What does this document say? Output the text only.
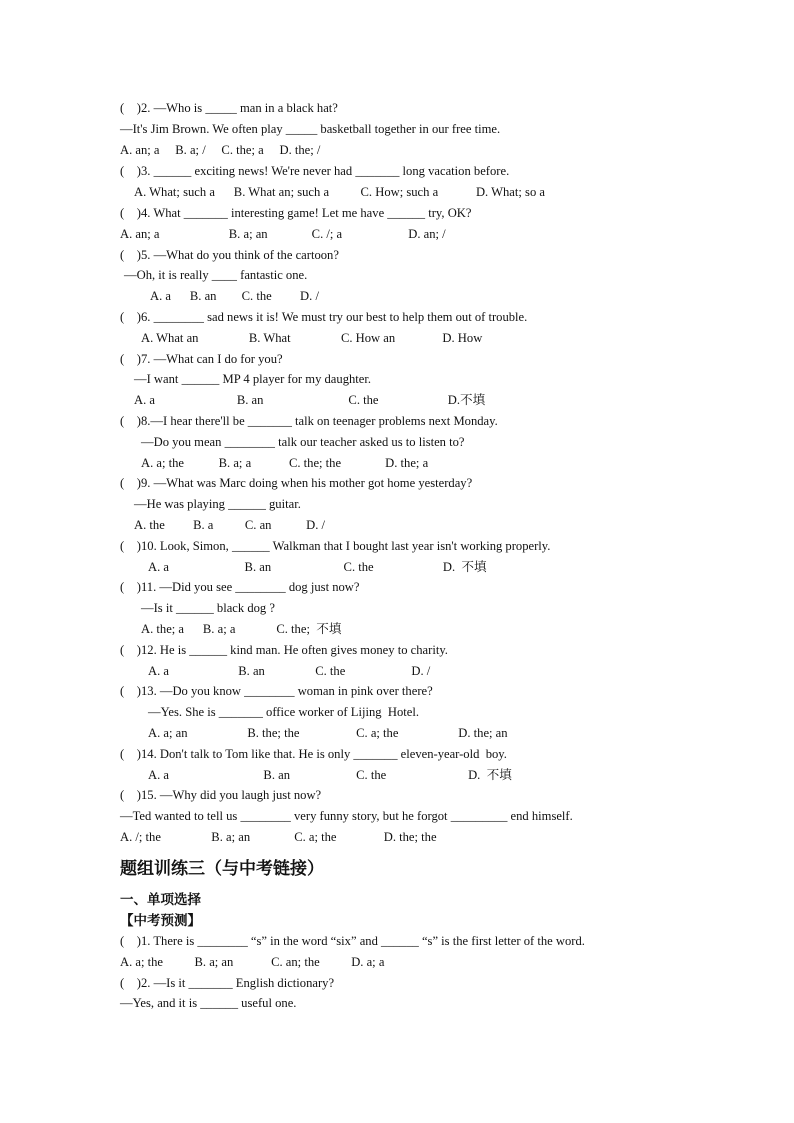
(    )2. —Who is _____ man in a black hat?
—It's Jim Brown. We often play _____ basketball together in our free time.
A. an; a     B. a; /     C. the; a     D. the; /
(    )3. ______ exciting news! We're never had _______ long vacation before.
A. What; such a      B. What an; such a          C. How; such a            D. What; so a
(    )4. What _______ interesting game! Let me have ______ try, OK?
A. an; a                      B. a; an              C. /; a                     D. an; /
(    )5. —What do you think of the cartoon?
—Oh, it is really ____ fantastic one.
A. a      B. an        C. the         D. /
(    )6. ________ sad news it is! We must try our best to help them out of trouble.
A. What an                B. What                C. How an               D. How
(    )7. —What can I do for you?
—I want ______ MP 4 player for my daughter.
A. a                          B. an                           C. the                      D.不填
(    )8.—I hear there'll be _______ talk on teenager problems next Monday.
—Do you mean ________ talk our teacher asked us to listen to?
A. a; the           B. a; a            C. the; the              D. the; a
(    )9. —What was Marc doing when his mother got home yesterday?
—He was playing ______ guitar.
A. the         B. a          C. an           D. /
(    )10. Look, Simon, ______ Walkman that I bought last year isn't working properly.
A. a                        B. an                       C. the                      D.  不填
(    )11. —Did you see ________ dog just now?
—Is it ______ black dog ?
A. the; a      B. a; a             C. the;  不填
(    )12. He is ______ kind man. He often gives money to charity.
A. a                      B. an                C. the                     D. /
(    )13. —Do you know ________ woman in pink over there?
—Yes. She is _______ office worker of Lijing  Hotel.
A. a; an                   B. the; the                  C. a; the                   D. the; an
(    )14. Don't talk to Tom like that. He is only _______ eleven-year-old  boy.
A. a                              B. an                     C. the                          D.  不填
(    )15. —Why did you laugh just now?
—Ted wanted to tell us ________ very funny story, but he forgot _________ end himself.
A. /; the                B. a; an              C. a; the               D. the; the
题组训练三（与中考链接）
一、单项选择
【中考预测】
(    )1. There is ________ “s” in the word “six” and ______ “s” is the first letter of the word.
A. a; the          B. a; an            C. an; the          D. a; a
(    )2. —Is it _______ English dictionary?
—Yes, and it is ______ useful one.
